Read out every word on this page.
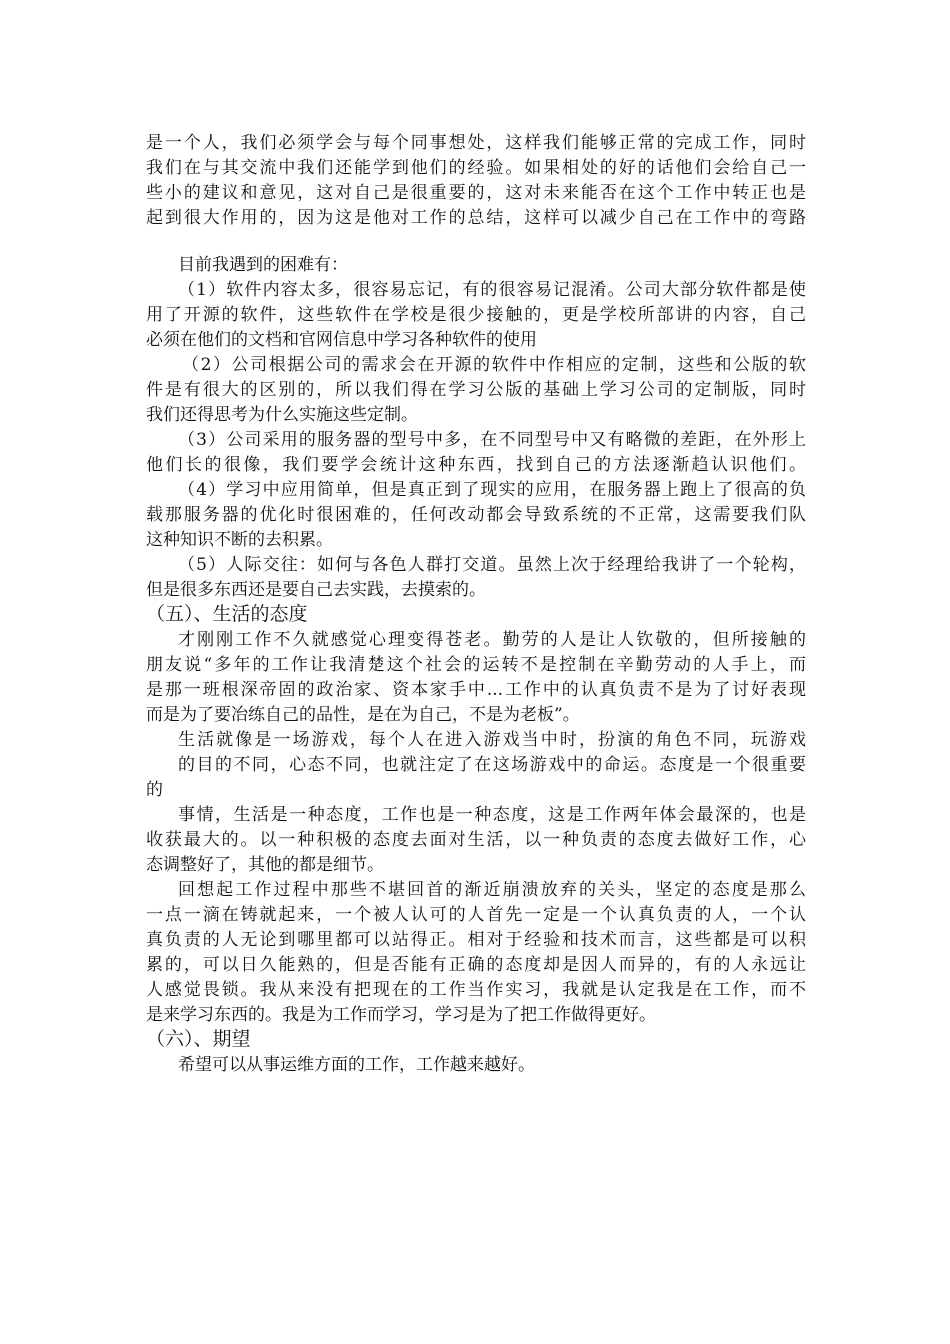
是一个人，我们必须学会与每个同事想处，这样我们能够正常的完成工作，同时
我们在与其交流中我们还能学到他们的经验。如果相处的好的话他们会给自己一
些小的建议和意见，这对自己是很重要的，这对未来能否在这个工作中转正也是
起到很大作用的，因为这是他对工作的总结，这样可以减少自己在工作中的弯路
目前我遇到的困难有：
（1）软件内容太多，很容易忘记，有的很容易记混淆。公司大部分软件都是使
用了开源的软件，这些软件在学校是很少接触的，更是学校所部讲的内容，自己
必须在他们的文档和官网信息中学习各种软件的使用
（2）公司根据公司的需求会在开源的软件中作相应的定制，这些和公版的软
件是有很大的区别的，所以我们得在学习公版的基础上学习公司的定制版，同时
我们还得思考为什么实施这些定制。
（3）公司采用的服务器的型号中多，在不同型号中又有略微的差距，在外形上
他们长的很像，我们要学会统计这种东西，找到自己的方法逐渐趋认识他们。
（4）学习中应用简单，但是真正到了现实的应用，在服务器上跑上了很高的负
载那服务器的优化时很困难的，任何改动都会导致系统的不正常，这需要我们队
这种知识不断的去积累。
（5）人际交往：如何与各色人群打交道。虽然上次于经理给我讲了一个轮构，
但是很多东西还是要自己去实践，去摸索的。
（五）、生活的态度
才刚刚工作不久就感觉心理变得苍老。勤劳的人是让人钦敬的，但所接触的
朋友说“多年的工作让我清楚这个社会的运转不是控制在辛勤劳动的人手上，而
是那一班根深帝固的政治家、资本家手中...工作中的认真负责不是为了讨好表现
而是为了要冶练自己的品性，是在为自己，不是为老板”。
生活就像是一场游戏，每个人在进入游戏当中时，扮演的角色不同，玩游戏
的目的不同，心态不同，也就注定了在这场游戏中的命运。态度是一个很重要
的
事情，生活是一种态度，工作也是一种态度，这是工作两年体会最深的，也是
收获最大的。以一种积极的态度去面对生活，以一种负责的态度去做好工作，心
态调整好了，其他的都是细节。
回想起工作过程中那些不堪回首的渐近崩溃放弃的关头，坚定的态度是那么
一点一滴在铸就起来，一个被人认可的人首先一定是一个认真负责的人，一个认
真负责的人无论到哪里都可以站得正。相对于经验和技术而言，这些都是可以积
累的，可以日久能熟的，但是否能有正确的态度却是因人而异的，有的人永远让
人感觉畏锁。我从来没有把现在的工作当作实习，我就是认定我是在工作，而不
是来学习东西的。我是为工作而学习，学习是为了把工作做得更好。
（六）、期望
希望可以从事运维方面的工作，工作越来越好。
